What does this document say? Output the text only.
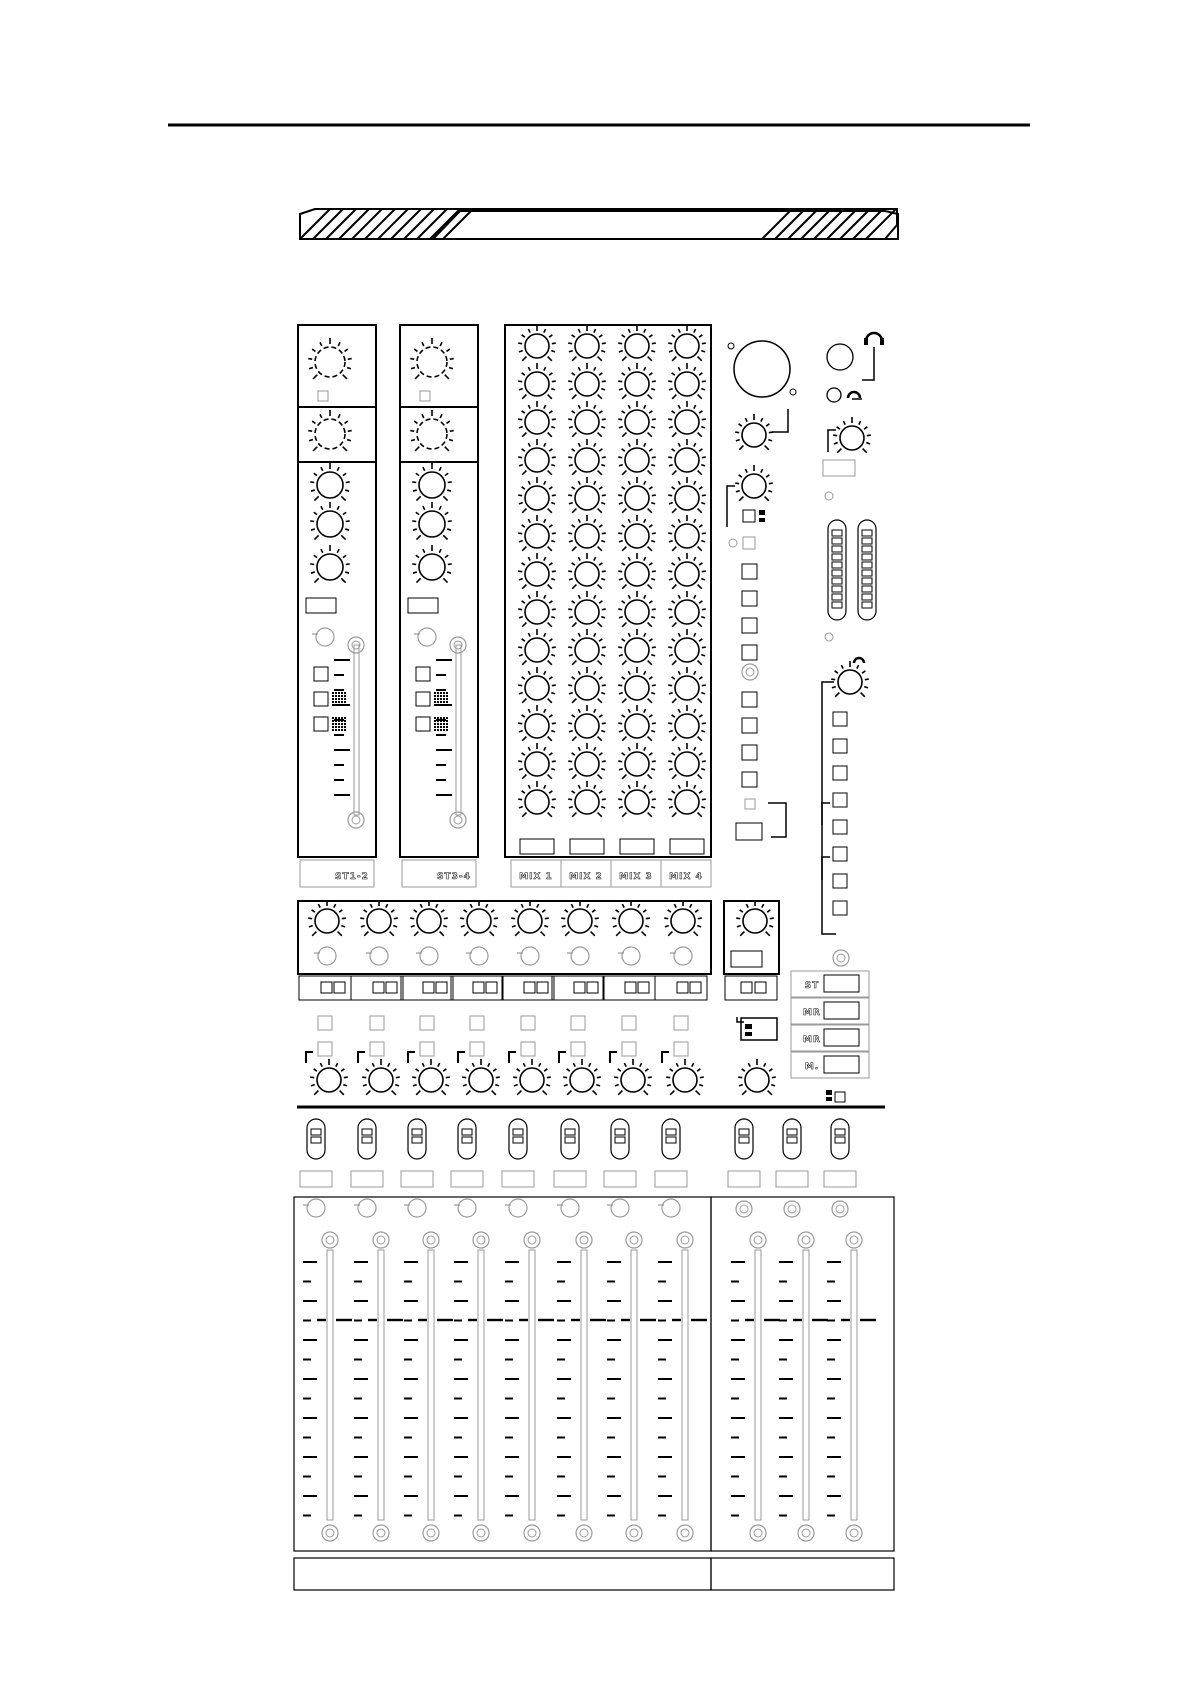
ST1-2	ST3-4	MIX 1 MIX 2 MIX 3 MIX 4
ST
MR
MR
M.
